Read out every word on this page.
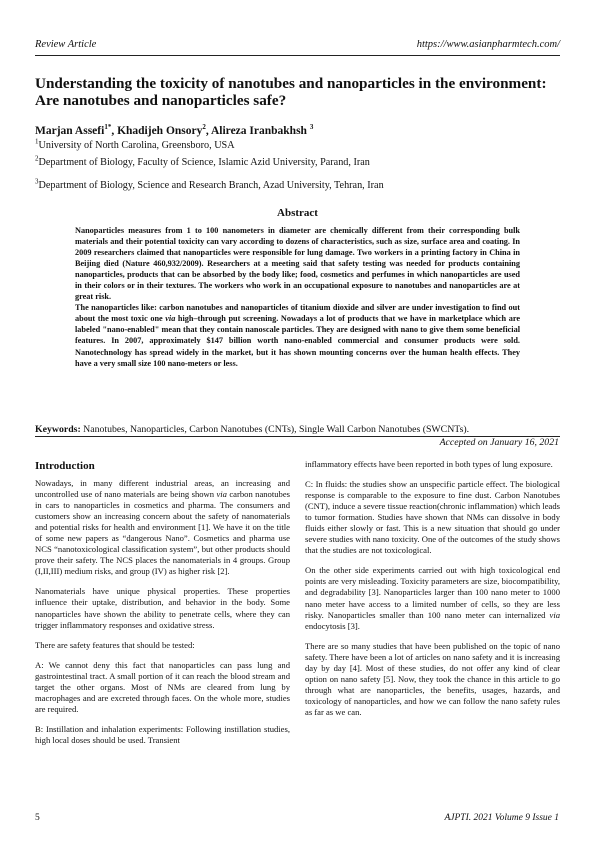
Review Article	https://www.asianpharmtech.com/
Understanding the toxicity of nanotubes and nanoparticles in the environment: Are nanotubes and nanoparticles safe?
Marjan Assefi$^{1*}$, Khadijeh Onsory$^2$, Alireza Iranbakhsh $^3$
$^1$University of North Carolina, Greensboro, USA
$^2$Department of Biology, Faculty of Science, Islamic Azid University, Parand, Iran
$^3$Department of Biology, Science and Research Branch, Azad University, Tehran, Iran
Abstract

Nanoparticles measures from 1 to 100 nanometers in diameter are chemically different from their corresponding bulk materials and their potential toxicity can vary according to dozens of characteristics, such as size, surface area and coating. In 2009 researchers claimed that nanoparticles were responsible for lung damage. Two workers in a printing factory in China in Beijing died (Nature 460,932/2009). Researchers at a meeting said that safety testing was needed for products containing nanoparticles, products that can be absorbed by the body like; food, cosmetics and perfumes in which nanoparticles are used in their colors or in their textures. The workers who work in an occupational exposure to nanotubes and nanoparticles are at great risk.

The nanoparticles like: carbon nanotubes and nanoparticles of titanium dioxide and silver are under investigation to find out about the most toxic one via high–through put screening. Nowadays a lot of products that we have in marketplace which are labeled "nano-enabled" mean that they contain nanoscale particles. They are designed with nano to give them some beneficial features. In 2007, approximately $147 billion worth nano-enabled commercial and consumer products were sold. Nanotechnology has spread widely in the market, but it has shown mounting concerns over the human health effects. They have a very small size 100 nano-meters or less.

Keywords: Nanotubes, Nanoparticles, Carbon Nanotubes (CNTs), Single Wall Carbon Nanotubes (SWCNTs).
Accepted on January 16, 2021
Introduction

Nowadays, in many different industrial areas, an increasing and uncontrolled use of nano materials are being shown via carbon nanotubes in cars to nanoparticles in cosmetics and pharma. The consumers and customers show an increasing concern about the safety of nanomaterials and potential risks for health and environment [1]. We have it on the title of some new papers as “dangerous Nano”. Cosmetics and pharma use NCS “nanotoxicological classification system”, but other products should prove their safety. The NCS places the nanomaterials in 4 groups. Group (I,II,III) medium risks, and group (IV) as higher risk [2].

Nanomaterials have unique physical properties. These properties influence their uptake, distribution, and behavior in the body. Some nanoparticles have shown the ability to penetrate cells, where they can trigger inflammatory responses and oxidative stress.

There are safety features that should be tested:

A: We cannot deny this fact that nanoparticles can pass lung and gastrointestinal tract. A small portion of it can reach the blood stream and target the other organs. Most of NMs are cleared from lung by macrophages and are excreted through faces. On the whole more, studies are required.

B: Instillation and inhalation experiments: Following instillation studies, high local doses should be used. Transient

inflammatory effects have been reported in both types of lung exposure.

C: In fluids: the studies show an unspecific particle effect. The biological response is comparable to the exposure to fine dust. Carbon Nanotubes (CNT), induce a severe tissue reaction(chronic inflammation) which leads to tumor formation. Studies have shown that NMs can dissolve in body fluids either slowly or fast. This is a new situation that should go under severe studies with nano toxicity. One of the outcomes of the study shows that the studies are not toxicological.

On the other side experiments carried out with high toxicological end points are very misleading. Toxicity parameters are size, biocompatibility, and degradability [3]. Nanoparticles larger than 100 nano meter to 1000 nano meter have access to a limited number of cells, so they are less risky. Nanoparticles smaller than 100 nano meter can internalized via endocytosis [3].

There are so many studies that have been published on the topic of nano safety. There have been a lot of articles on nano safety and it is increasing day by day [4]. Most of these studies, do not offer any kind of clear option on nano safety [5]. Now, they took the chance in this article to go through what are nanoparticles, the benefits, usages, hazards, and toxicology of nanoparticles, and how we can follow the nano safety rules as far as we can.

5	AJPTI. 2021 Volume 9 Issue 1
